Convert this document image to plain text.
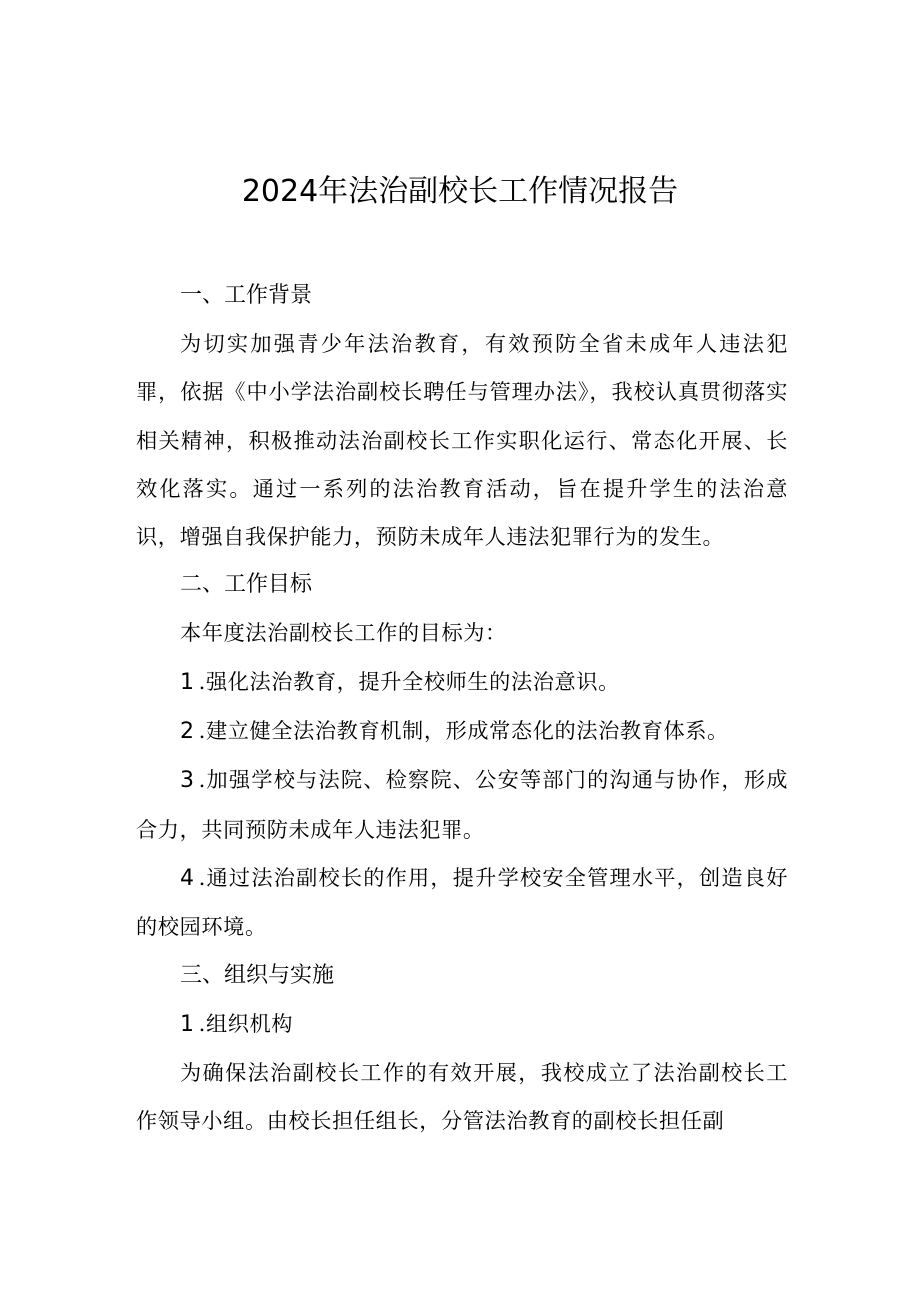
2024年法治副校长工作情况报告
一、工作背景

为切实加强青少年法治教育，有效预防全省未成年人违法犯罪，依据《中小学法治副校长聘任与管理办法》，我校认真贯彻落实相关精神，积极推动法治副校长工作实职化运行、常态化开展、长效化落实。通过一系列的法治教育活动，旨在提升学生的法治意识，增强自我保护能力，预防未成年人违法犯罪行为的发生。

二、工作目标

本年度法治副校长工作的目标为：

1 .强化法治教育，提升全校师生的法治意识。

2 .建立健全法治教育机制，形成常态化的法治教育体系。

3 .加强学校与法院、检察院、公安等部门的沟通与协作，形成合力，共同预防未成年人违法犯罪。

4 .通过法治副校长的作用，提升学校安全管理水平，创造良好的校园环境。

三、组织与实施

1 .组织机构

为确保法治副校长工作的有效开展，我校成立了法治副校长工作领导小组。由校长担任组长，分管法治教育的副校长担任副
